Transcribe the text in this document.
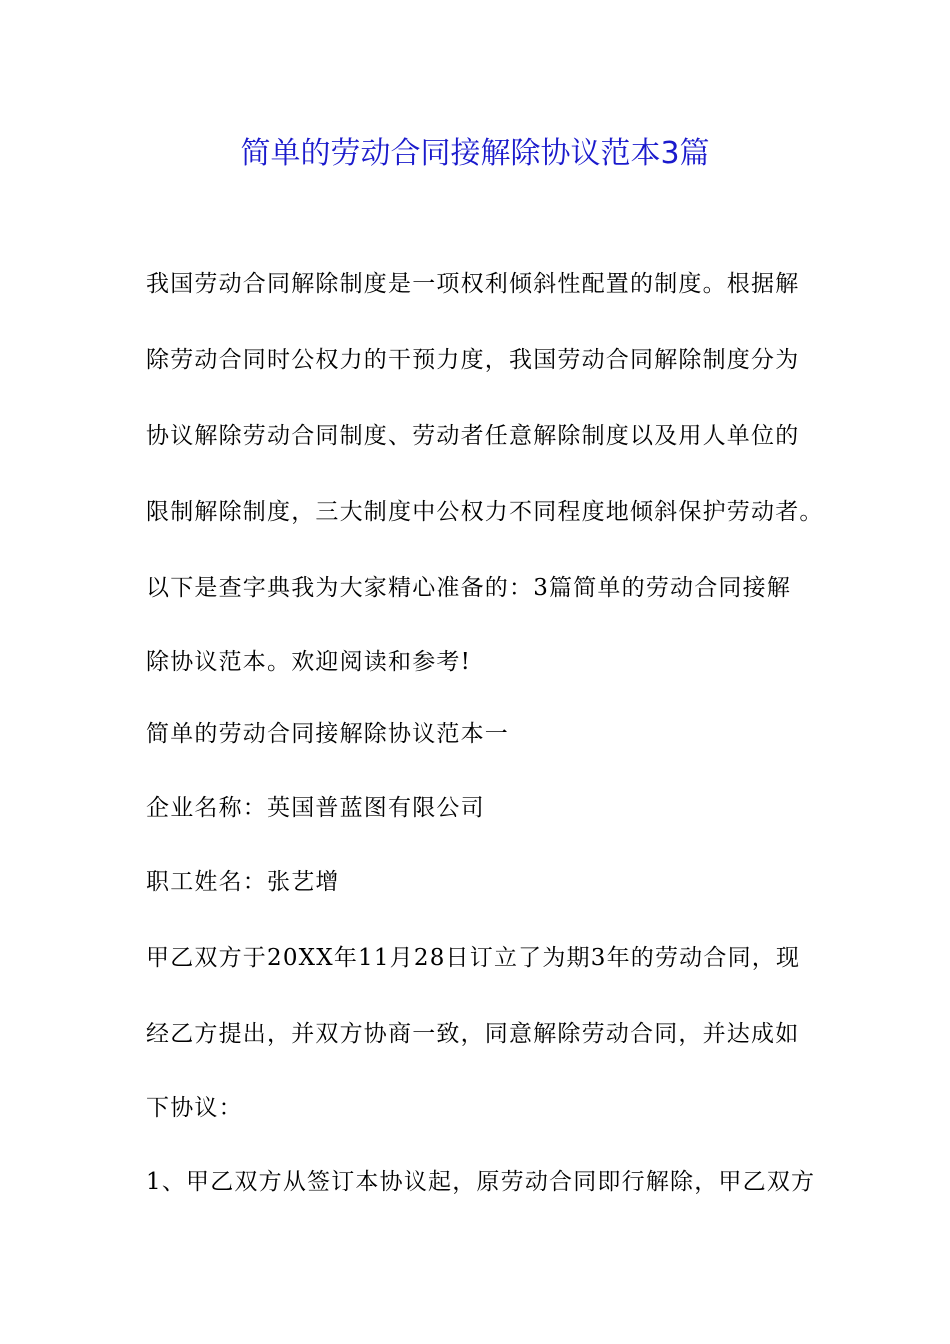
简单的劳动合同接解除协议范本3篇
我国劳动合同解除制度是一项权利倾斜性配置的制度。根据解
除劳动合同时公权力的干预力度，我国劳动合同解除制度分为
协议解除劳动合同制度、劳动者任意解除制度以及用人单位的
限制解除制度，三大制度中公权力不同程度地倾斜保护劳动者。
以下是查字典我为大家精心准备的：3篇简单的劳动合同接解
除协议范本。欢迎阅读和参考!
简单的劳动合同接解除协议范本一
企业名称：英国普蓝图有限公司
职工姓名：张艺增
甲乙双方于20XX年11月28日订立了为期3年的劳动合同，现
经乙方提出，并双方协商一致，同意解除劳动合同，并达成如
下协议：
1、甲乙双方从签订本协议起，原劳动合同即行解除，甲乙双方
